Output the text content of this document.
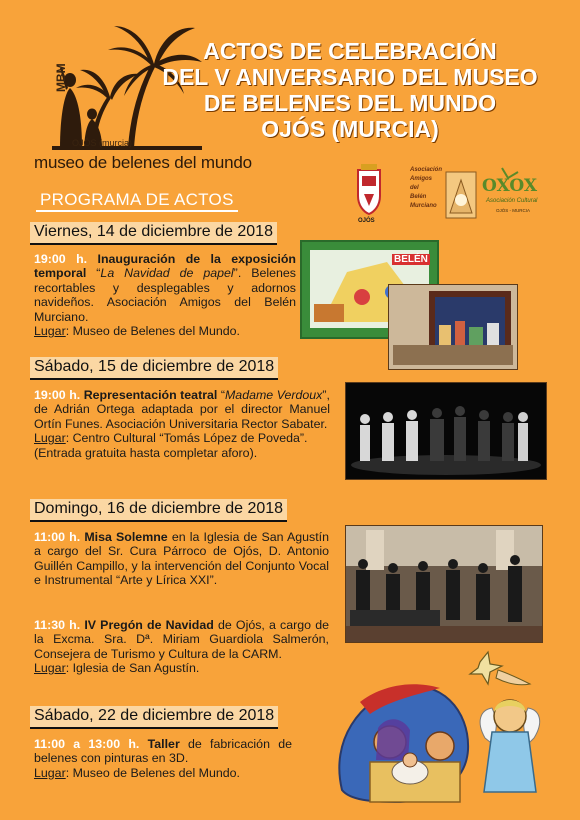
MBM
OJÓS (murcia)
museo de belenes del mundo
ACTOS DE CELEBRACIÓN
DEL V ANIVERSARIO DEL MUSEO
DE BELENES DEL MUNDO
OJÓS (MURCIA)
OJÓS
Asociación
Amigos
del
Belén
Murciano
OXOX
Asociación Cultural
OJÓS - MURCIA
PROGRAMA DE ACTOS
Viernes, 14 de diciembre de 2018
19:00 h. Inauguración de la exposición temporal “La Navidad de papel”. Belenes recortables y desplegables y adornos navideños. Asociación Amigos del Belén Murciano.
Lugar: Museo de Belenes del Mundo.
BELÉN
Sábado, 15 de diciembre de 2018
19:00 h. Representación teatral “Madame Verdoux”, de Adrián Ortega adaptada por el director Manuel Ortín Funes. Asociación Universitaria Rector Sabater.
Lugar: Centro Cultural “Tomás López de Poveda”.
(Entrada gratuita hasta completar aforo).
Domingo, 16 de diciembre de 2018
11:00 h. Misa Solemne en la Iglesia de San Agustín a cargo del Sr. Cura Párroco de Ojós, D. Antonio Guillén Campillo, y la intervención del Conjunto Vocal e Instrumental “Arte y Lírica XXI”.
11:30 h. IV Pregón de Navidad de Ojós, a cargo de la Excma. Sra. Dª. Miriam Guardiola Salmerón, Consejera de Turismo y Cultura de la CARM.
Lugar: Iglesia de San Agustín.
Sábado, 22 de diciembre de 2018
11:00 a 13:00 h. Taller de fabricación de belenes con pinturas en 3D.
Lugar: Museo de Belenes del Mundo.
